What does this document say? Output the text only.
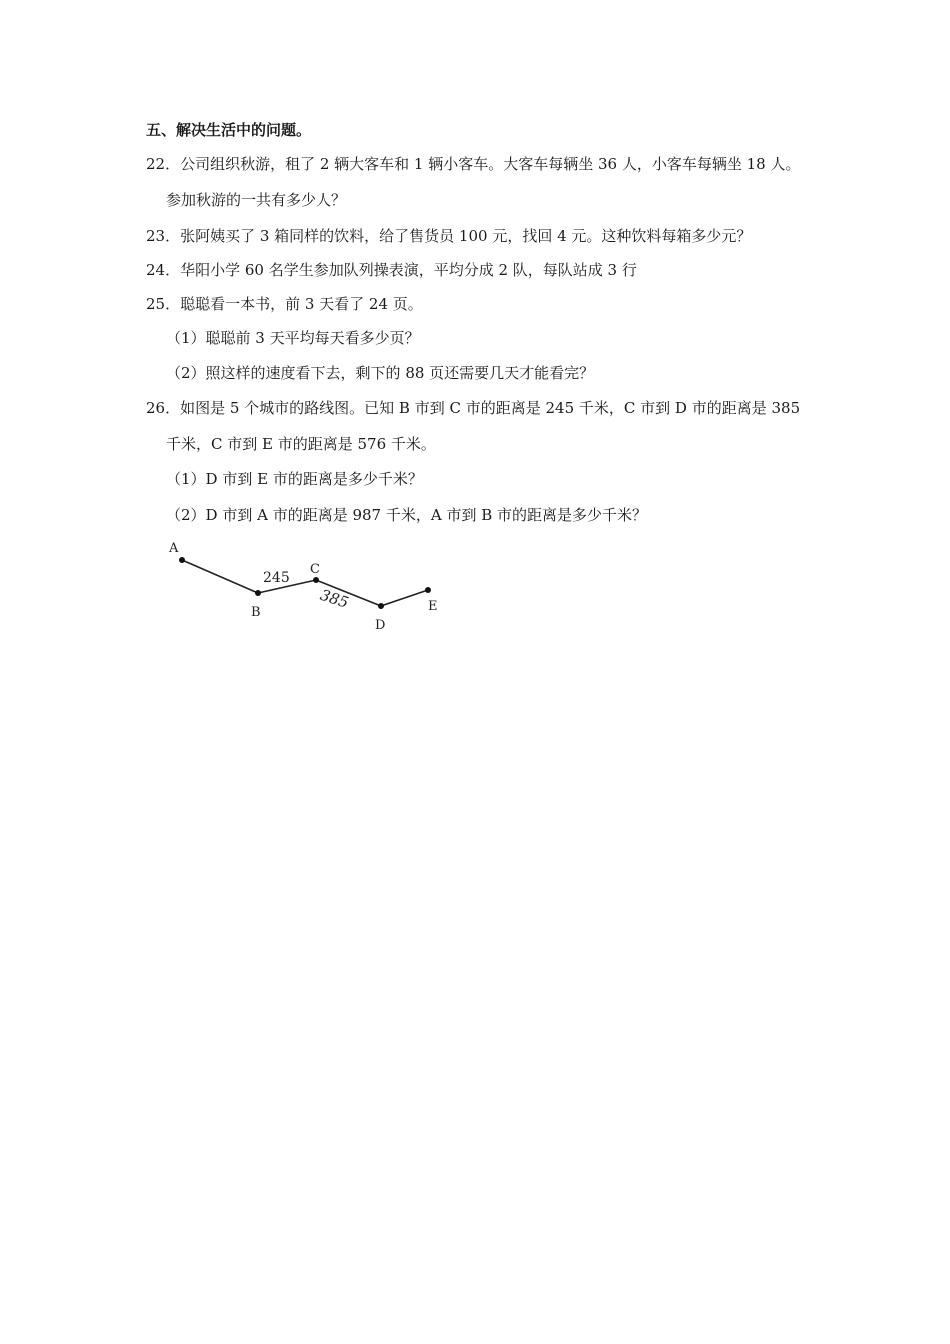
五、解决生活中的问题。
22．公司组织秋游，租了 2 辆大客车和 1 辆小客车。大客车每辆坐 36 人，小客车每辆坐 18 人。
参加秋游的一共有多少人？
23．张阿姨买了 3 箱同样的饮料，给了售货员 100 元，找回 4 元。这种饮料每箱多少元？
24．华阳小学 60 名学生参加队列操表演，平均分成 2 队，每队站成 3 行
25．聪聪看一本书，前 3 天看了 24 页。
（1）聪聪前 3 天平均每天看多少页？
（2）照这样的速度看下去，剩下的 88 页还需要几天才能看完？
26．如图是 5 个城市的路线图。已知 B 市到 C 市的距离是 245 千米，C 市到 D 市的距离是 385
千米，C 市到 E 市的距离是 576 千米。
（1）D 市到 E 市的距离是多少千米？
（2）D 市到 A 市的距离是 987 千米，A 市到 B 市的距离是多少千米？
A
B
C
D
E
245
385
